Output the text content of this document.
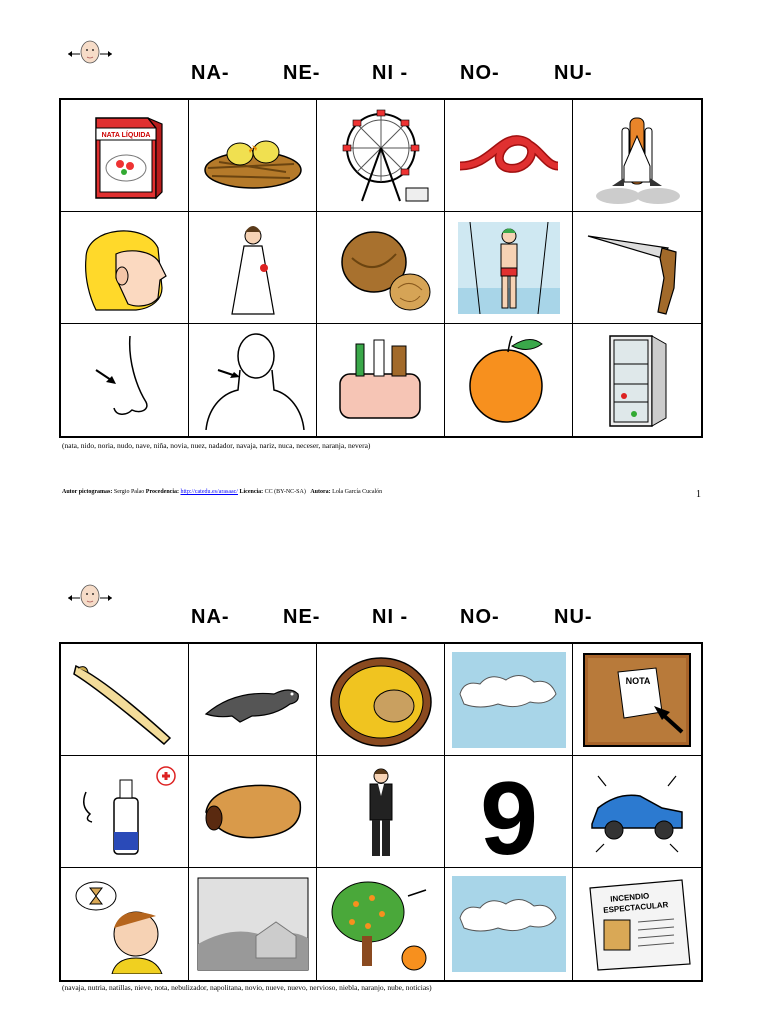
NA-	NE-	NI -	NO-	NU-
NATA LÍQUIDA
(nata, nido, noria, nudo, nave, niña, novia, nuez, nadador, navaja, nariz, nuca, neceser, naranja, nevera)
Autor pictogramas: Sergio Palao Procedencia: http://catedu.es/arasaac/ Licencia: CC (BY-NC-SA) Autora: Lola García Cucalón	1
NA-	NE-	NI -	NO-	NU-
NOTA
9
INCENDIO
ESPECTACULAR
(navaja, nutria, natillas, nieve, nota, nebulizador, napolitana, novio, nueve, nuevo, nervioso, niebla, naranjo, nube, noticias)
